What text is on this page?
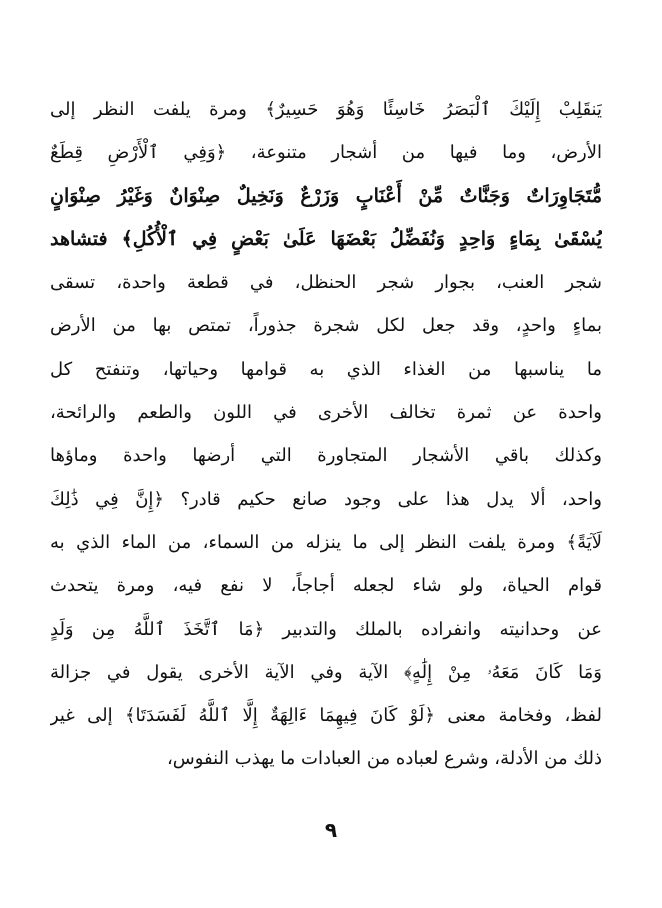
يَنقَلِبْ إِلَيْكَ ٱلْبَصَرُ خَاسِئًا وَهُوَ حَسِيرٌ﴾ ومرة يلفت النظر إلى
الأرض، وما فيها من أشجار متنوعة، ﴿وَفِي ٱلْأَرْضِ قِطَعٌ
مُّتَجَاوِرَاتٌ وَجَنَّاتٌ مِّنْ أَعْنَابٍ وَزَرْعٌ وَنَخِيلٌ صِنْوَانٌ وَغَيْرُ صِنْوَانٍ
يُسْقَىٰ بِمَاءٍ وَاحِدٍ وَنُفَضِّلُ بَعْضَهَا عَلَىٰ بَعْضٍ فِي ٱلْأُكُلِ﴾ فتشاهد
شجر العنب، بجوار شجر الحنظل، في قطعة واحدة، تسقى
بماءٍ واحدٍ، وقد جعل لكل شجرة جذوراً، تمتص بها من الأرض
ما يناسبها من الغذاء الذي به قوامها وحياتها، وتنفتح كل
واحدة عن ثمرة تخالف الأخرى في اللون والطعم والرائحة،
وكذلك باقي الأشجار المتجاورة التي أرضها واحدة وماؤها
واحد، ألا يدل هذا على وجود صانع حكيم قادر؟ ﴿إِنَّ فِي ذَٰلِكَ
لَآيَةً﴾ ومرة يلفت النظر إلى ما ينزله من السماء، من الماء الذي به
قوام الحياة، ولو شاء لجعله أجاجاً، لا نفع فيه، ومرة يتحدث
عن وحدانيته وانفراده بالملك والتدبير ﴿مَا ٱتَّخَذَ ٱللَّهُ مِن وَلَدٍ
وَمَا كَانَ مَعَهُۥ مِنْ إِلَٰهٍ﴾ الآية وفي الآية الأخرى يقول في جزالة
لفظ، وفخامة معنى ﴿لَوْ كَانَ فِيهِمَا ءَالِهَةٌ إِلَّا ٱللَّهُ لَفَسَدَتَا﴾ إلى غير
ذلك من الأدلة، وشرع لعباده من العبادات ما يهذب النفوس،
٩
